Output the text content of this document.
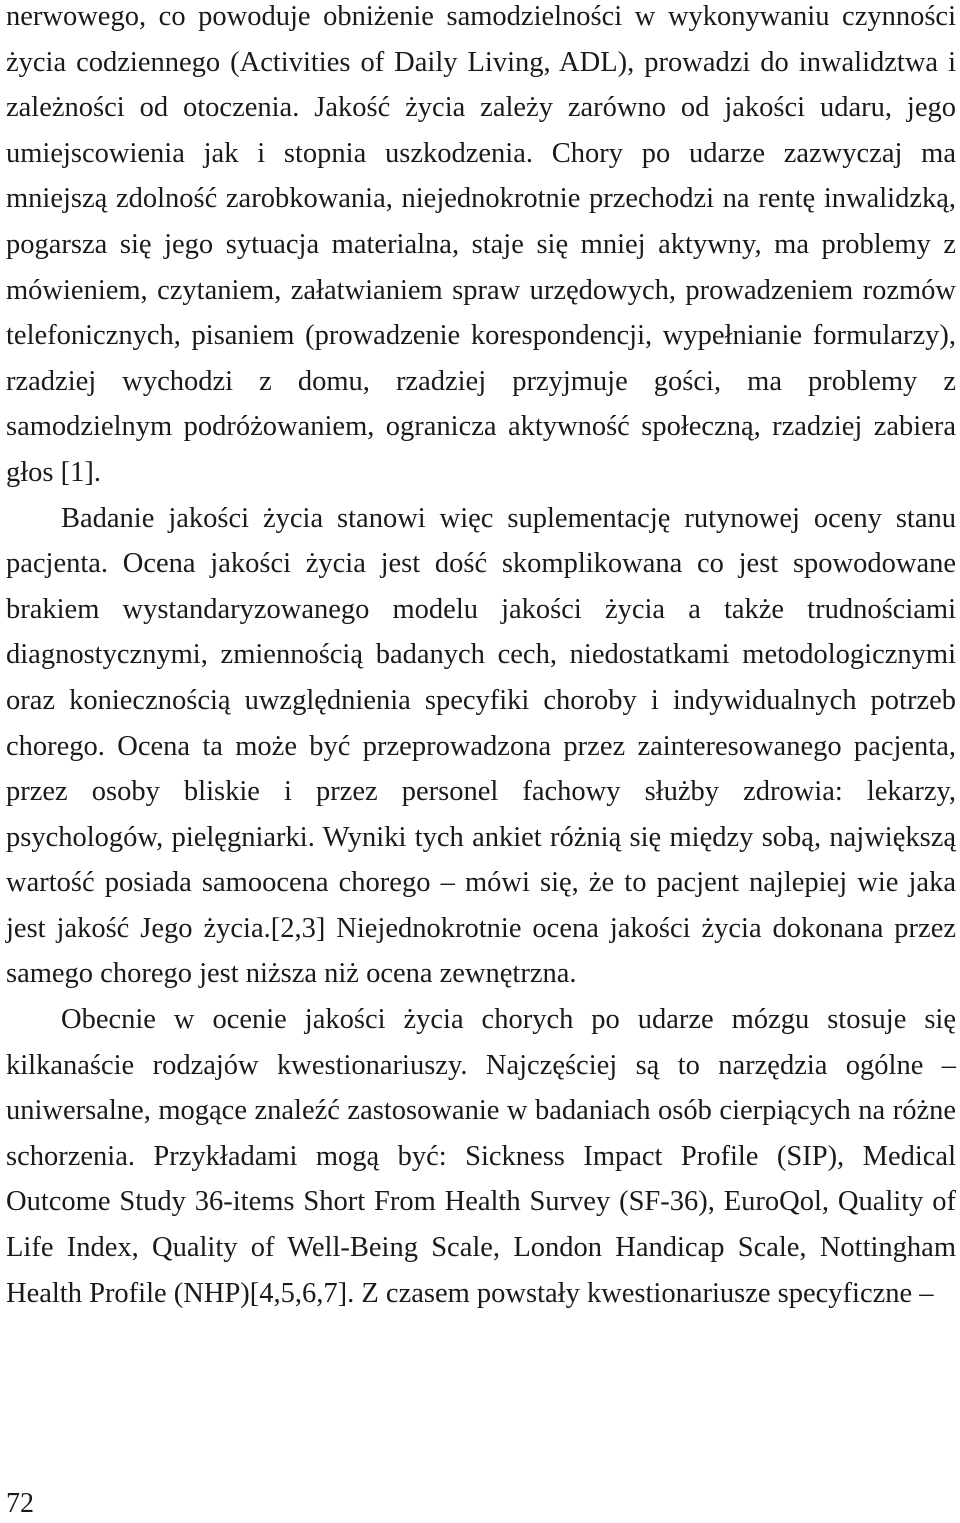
nerwowego, co powoduje obniżenie samodzielności w wykonywaniu czynności życia codziennego (Activities of Daily Living, ADL), prowadzi do inwalidztwa i zależności od otoczenia. Jakość życia zależy zarówno od jakości udaru, jego umiejscowienia jak i stopnia uszkodzenia. Chory po udarze zazwyczaj ma mniejszą zdolność zarobkowania, niejednokrotnie przechodzi na rentę inwalidzką, pogarsza się jego sytuacja materialna, staje się mniej aktywny, ma problemy z mówieniem, czytaniem, załatwianiem spraw urzędowych, prowadzeniem rozmów telefonicznych, pisaniem (prowadzenie korespondencji, wypełnianie formularzy), rzadziej wychodzi z domu, rzadziej przyjmuje gości, ma problemy z samodzielnym podróżowaniem, ogranicza aktywność społeczną, rzadziej zabiera głos [1].

Badanie jakości życia stanowi więc suplementację rutynowej oceny stanu pacjenta. Ocena jakości życia jest dość skomplikowana co jest spowodowane brakiem wystandaryzowanego modelu jakości życia a także trudnościami diagnostycznymi, zmiennością badanych cech, niedostatkami metodologicznymi oraz koniecznością uwzględnienia specyfiki choroby i indywidualnych potrzeb chorego. Ocena ta może być przeprowadzona przez zainteresowanego pacjenta, przez osoby bliskie i przez personel fachowy służby zdrowia: lekarzy, psychologów, pielęgniarki. Wyniki tych ankiet różnią się między sobą, największą wartość posiada samoocena chorego – mówi się, że to pacjent najlepiej wie jaka jest jakość Jego życia.[2,3] Niejednokrotnie ocena jakości życia dokonana przez samego chorego jest niższa niż ocena zewnętrzna.

Obecnie w ocenie jakości życia chorych po udarze mózgu stosuje się kilkanaście rodzajów kwestionariuszy. Najczęściej są to narzędzia ogólne – uniwersalne, mogące znaleźć zastosowanie w badaniach osób cierpiących na różne schorzenia. Przykładami mogą być: Sickness Impact Profile (SIP), Medical Outcome Study 36-items Short From Health Survey (SF-36), EuroQol, Quality of Life Index, Quality of Well-Being Scale, London Handicap Scale, Nottingham Health Profile (NHP)[4,5,6,7]. Z czasem powstały kwestionariusze specyficzne –

72
